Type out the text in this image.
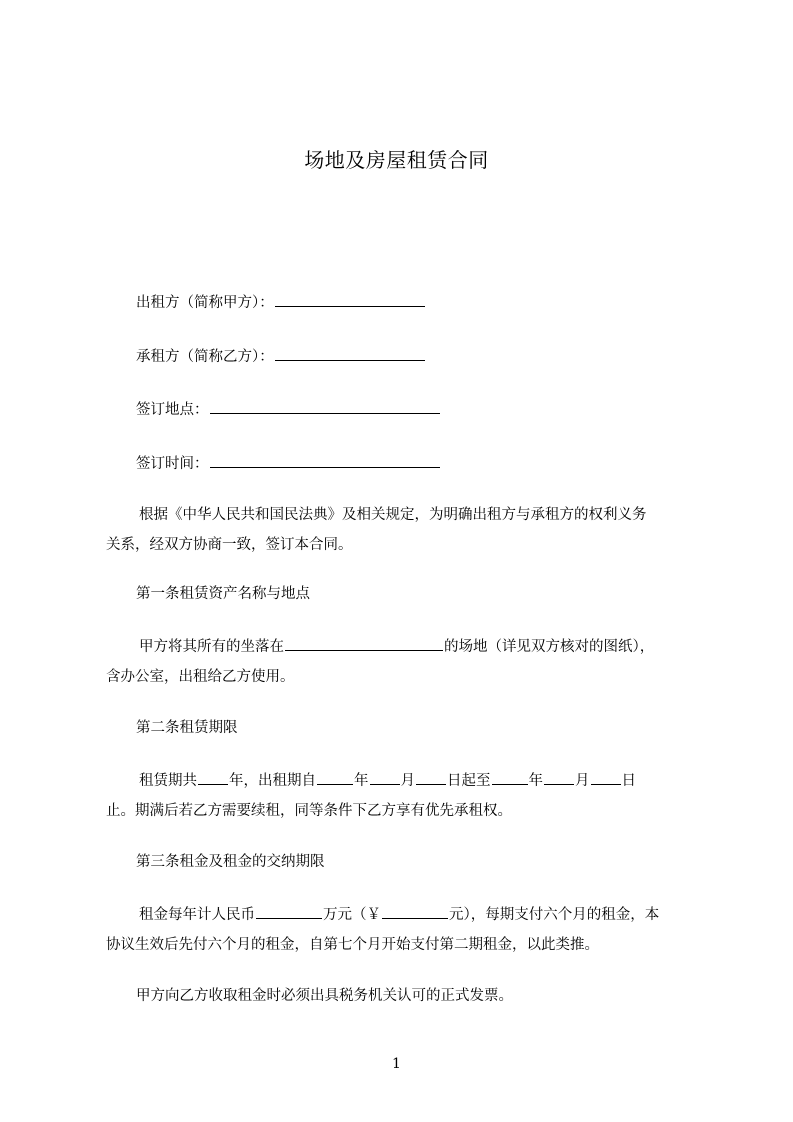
场地及房屋租赁合同
出租方（简称甲方）：
承租方（简称乙方）：
签订地点：
签订时间：
根据《中华人民共和国民法典》及相关规定，为明确出租方与承租方的权利义务
关系，经双方协商一致，签订本合同。
第一条租赁资产名称与地点
甲方将其所有的坐落在	的场地（详见双方核对的图纸），
含办公室，出租给乙方使用。
第二条租赁期限
租赁期共 年，出租期自	年 月 日起至	年 月 日
止。期满后若乙方需要续租，同等条件下乙方享有优先承租权。
第三条租金及租金的交纳期限
租金每年计人民币	万元（￥	元），每期支付六个月的租金，本
协议生效后先付六个月的租金，自第七个月开始支付第二期租金，以此类推。
甲方向乙方收取租金时必须出具税务机关认可的正式发票。
1
